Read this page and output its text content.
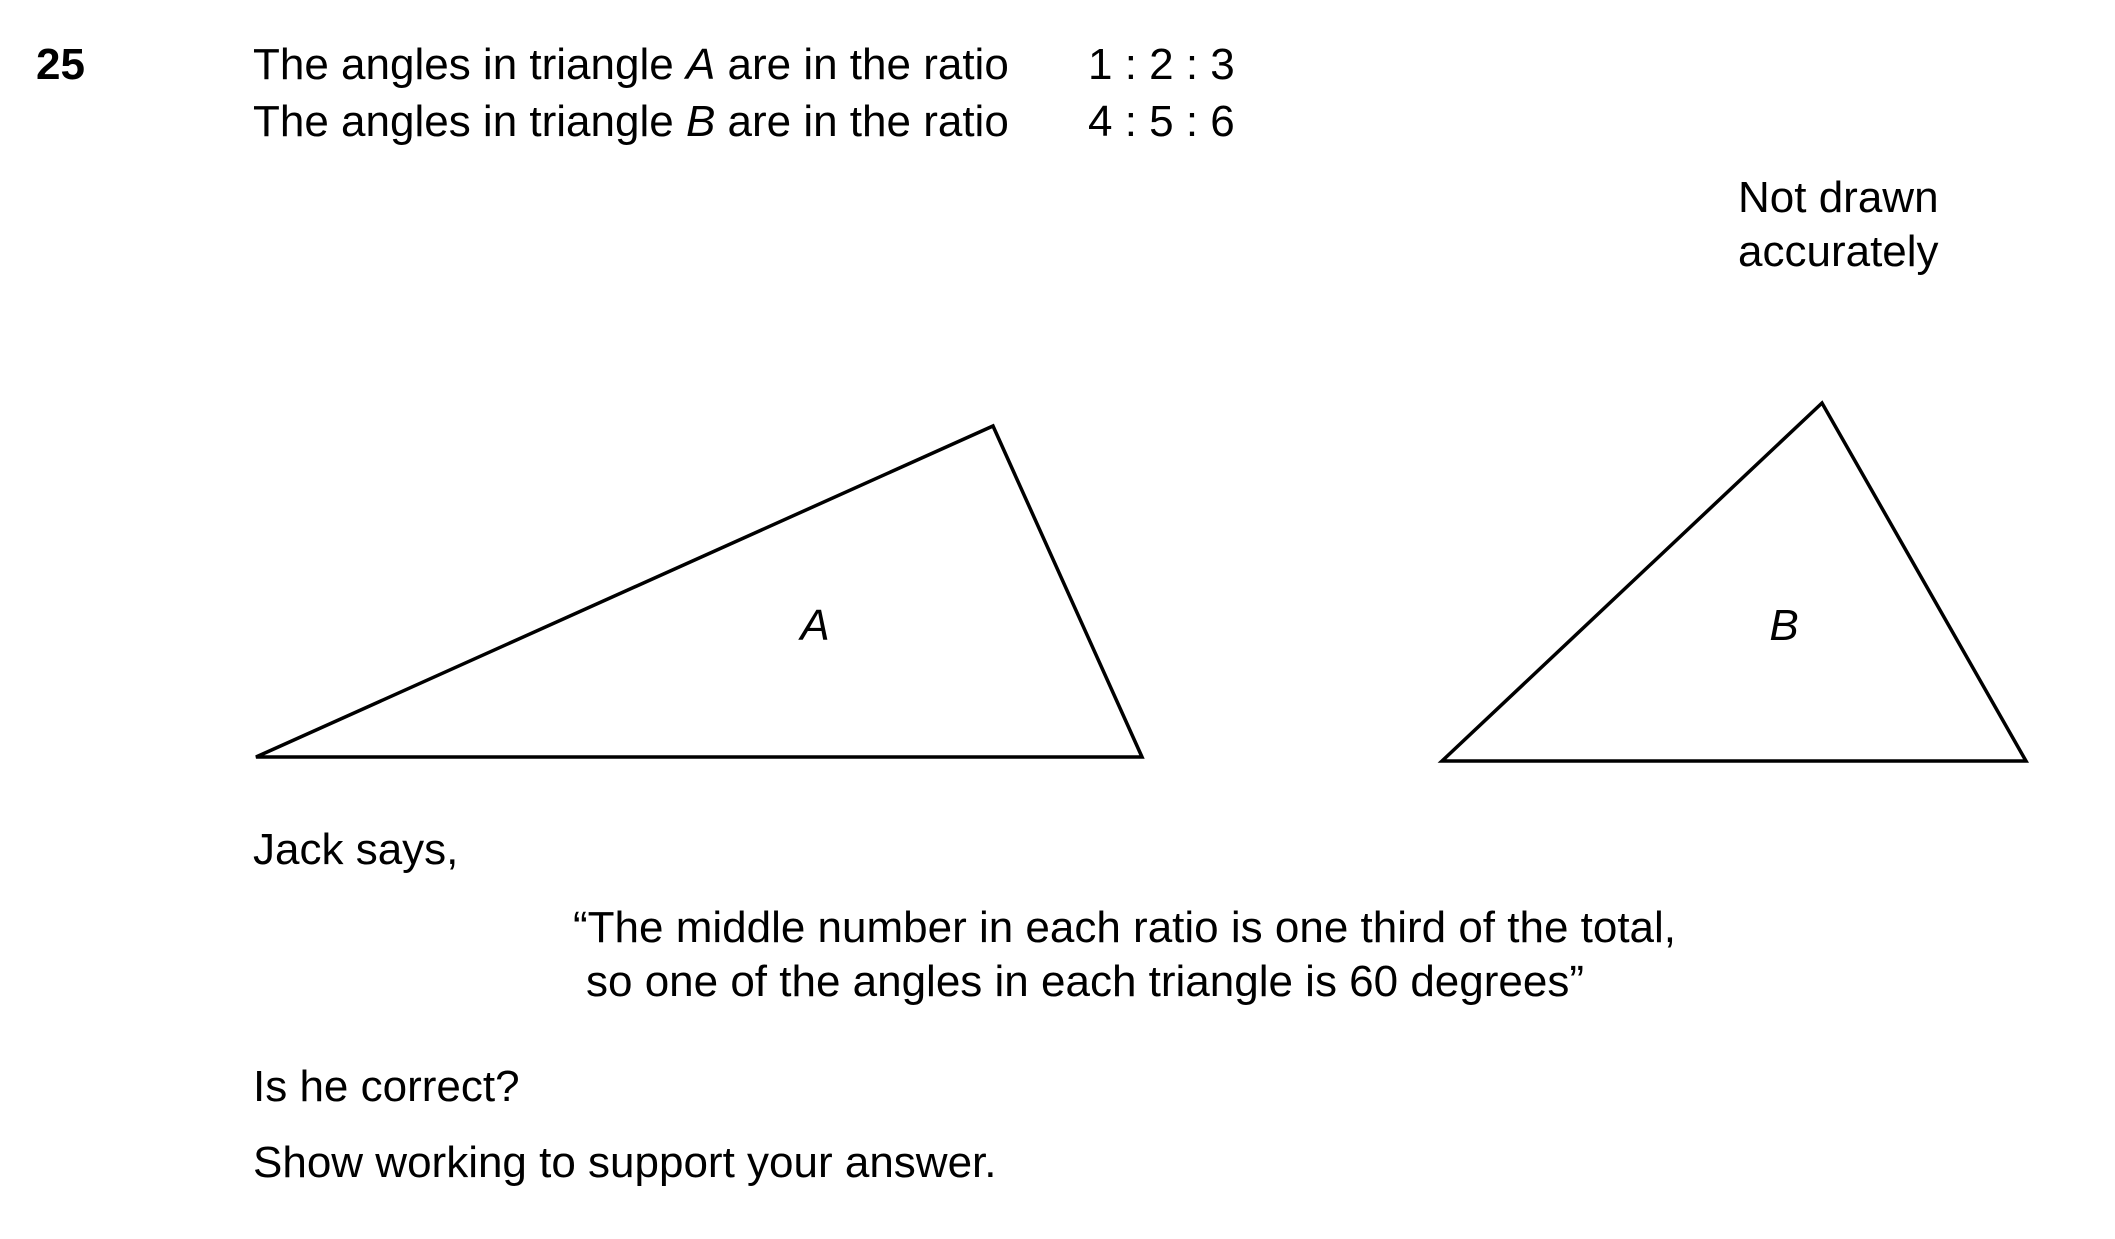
25	The angles in triangle A are in the ratio 1 : 2 : 3
The angles in triangle B are in the ratio 4 : 5 : 6
Not drawn
accurately
A	B
Jack says,
“The middle number in each ratio is one third of the total,
so one of the angles in each triangle is 60 degrees”
Is he correct?
Show working to support your answer.
